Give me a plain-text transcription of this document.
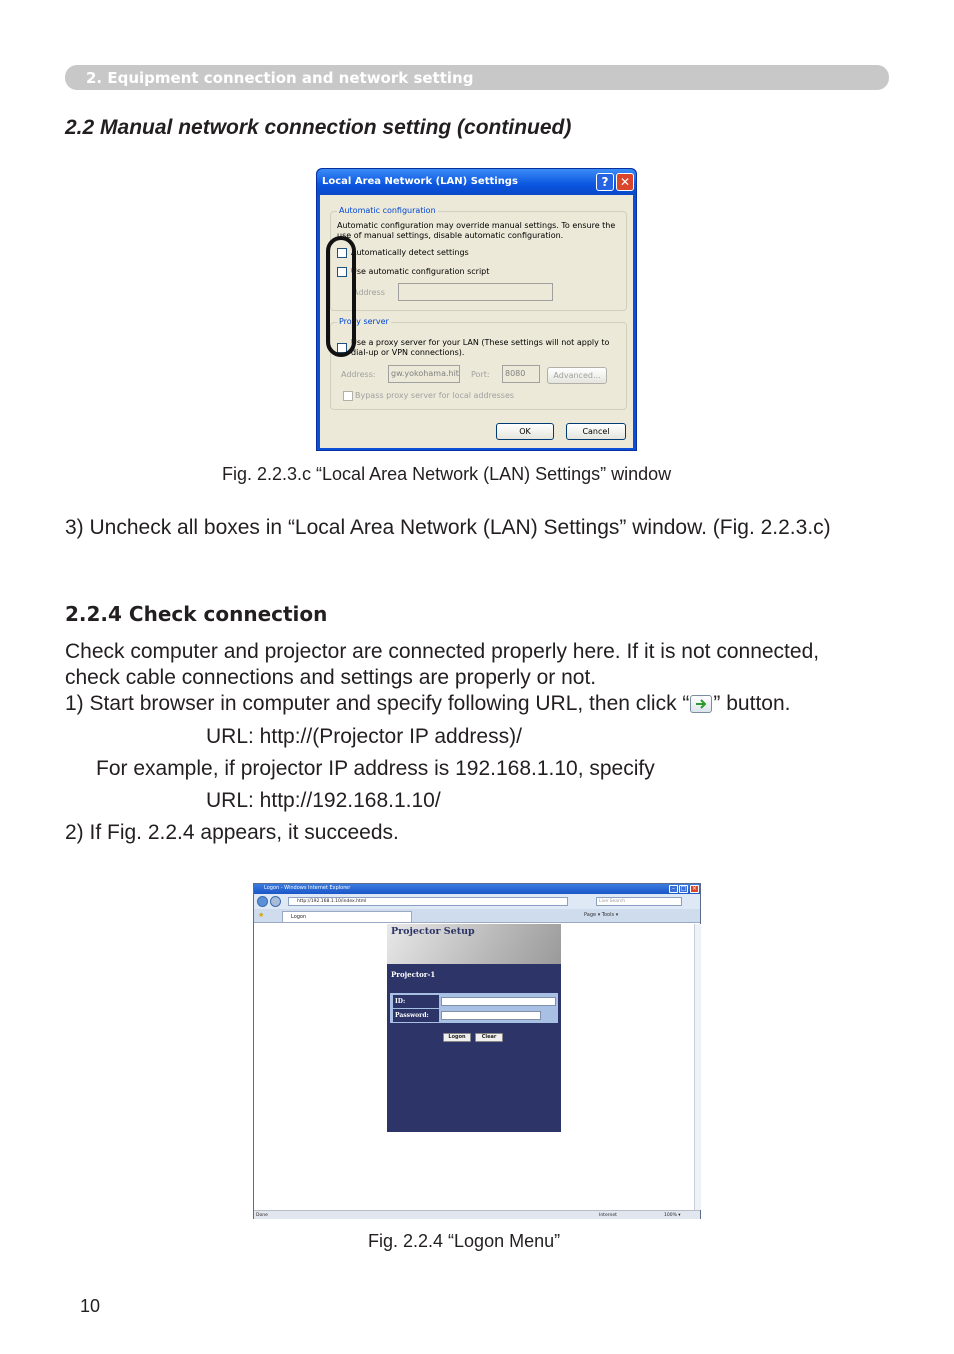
2. Equipment connection and network setting
2.2 Manual network connection setting (continued)
Local Area Network (LAN) Settings	? ✕
Automatic configuration
Automatic configuration may override manual settings. To ensure the
use of manual settings, disable automatic configuration.
Automatically detect settings
Use automatic configuration script
Address
Proxy server
Use a proxy server for your LAN (These settings will not apply to
dial-up or VPN connections).
Address:	gw.yokohama.hit Port:	8080	Advanced...
Bypass proxy server for local addresses
OK	Cancel
Fig. 2.2.3.c “Local Area Network (LAN) Settings” window
3) Uncheck all boxes in “Local Area Network (LAN) Settings” window. (Fig. 2.2.3.c)
2.2.4 Check connection
Check computer and projector are connected properly here. If it is not connected,
check cable connections and settings are properly or not.
1) Start browser in computer and specify following URL, then click “ ” button.
URL: http://(Projector IP address)/
For example, if projector IP address is 192.168.1.10, specify
URL: http://192.168.1.10/
2) If Fig. 2.2.4 appears, it succeeds.
Logon - Windows Internet Explorer	– □ ×
http://192.168.1.10/index.html	Live Search
★	Logon	Page ▾ Tools ▾
Projector Setup
Projector-1
ID:
Password:
Logon	Clear
Done	Internet	100% ▾
Fig. 2.2.4 “Logon Menu”
10
